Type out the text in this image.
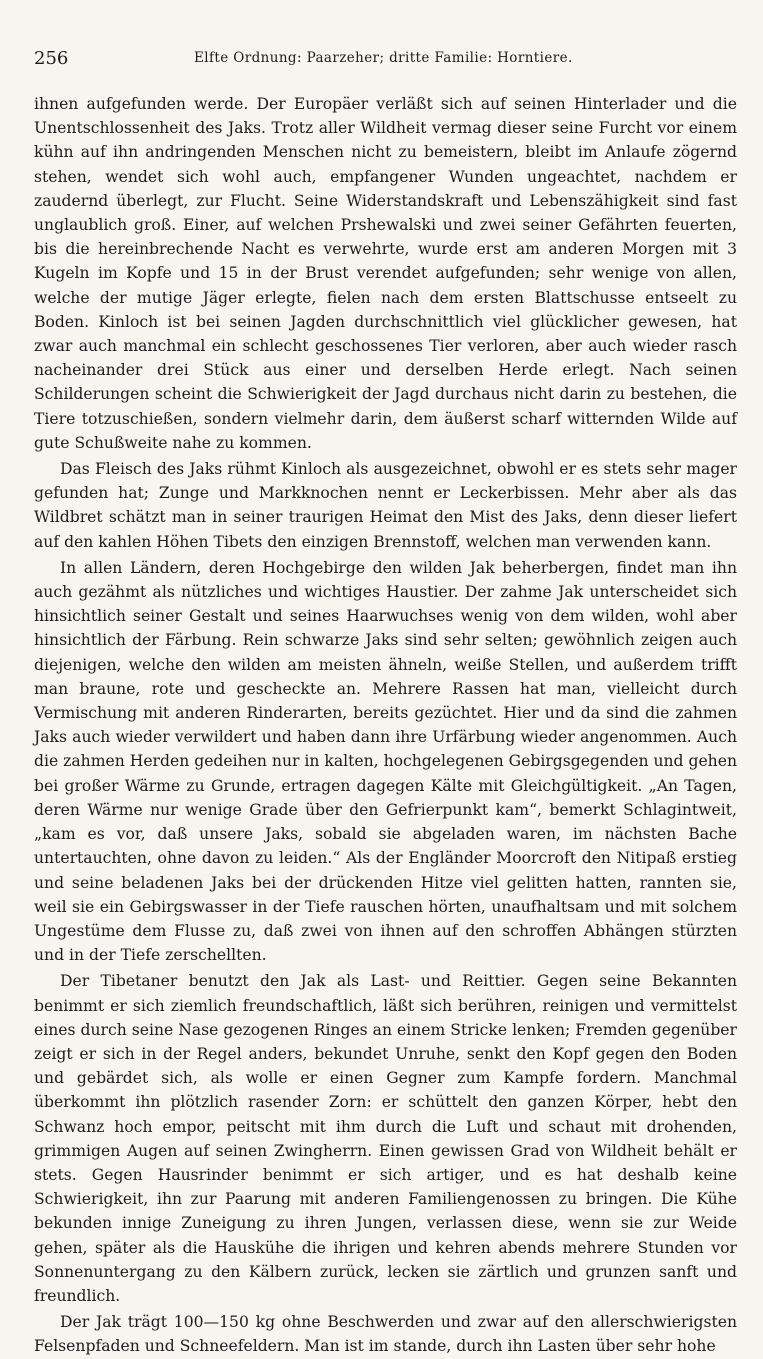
256	Elfte Ordnung: Paarzeher; dritte Familie: Horntiere.

ihnen aufgefunden werde. Der Europäer verläßt sich auf seinen Hinterlader und die Unentschlossenheit des Jaks. Trotz aller Wildheit vermag dieser seine Furcht vor einem kühn auf ihn andringenden Menschen nicht zu bemeistern, bleibt im Anlaufe zögernd stehen, wendet sich wohl auch, empfangener Wunden ungeachtet, nachdem er zaudernd überlegt, zur Flucht. Seine Widerstandskraft und Lebenszähigkeit sind fast unglaublich groß. Einer, auf welchen Prshewalski und zwei seiner Gefährten feuerten, bis die hereinbrechende Nacht es verwehrte, wurde erst am anderen Morgen mit 3 Kugeln im Kopfe und 15 in der Brust verendet aufgefunden; sehr wenige von allen, welche der mutige Jäger erlegte, fielen nach dem ersten Blattschusse entseelt zu Boden. Kinloch ist bei seinen Jagden durchschnittlich viel glücklicher gewesen, hat zwar auch manchmal ein schlecht geschossenes Tier verloren, aber auch wieder rasch nacheinander drei Stück aus einer und derselben Herde erlegt. Nach seinen Schilderungen scheint die Schwierigkeit der Jagd durchaus nicht darin zu bestehen, die Tiere totzuschießen, sondern vielmehr darin, dem äußerst scharf witternden Wilde auf gute Schußweite nahe zu kommen.

Das Fleisch des Jaks rühmt Kinloch als ausgezeichnet, obwohl er es stets sehr mager gefunden hat; Zunge und Markknochen nennt er Leckerbissen. Mehr aber als das Wildbret schätzt man in seiner traurigen Heimat den Mist des Jaks, denn dieser liefert auf den kahlen Höhen Tibets den einzigen Brennstoff, welchen man verwenden kann.

In allen Ländern, deren Hochgebirge den wilden Jak beherbergen, findet man ihn auch gezähmt als nützliches und wichtiges Haustier. Der zahme Jak unterscheidet sich hinsichtlich seiner Gestalt und seines Haarwuchses wenig von dem wilden, wohl aber hinsichtlich der Färbung. Rein schwarze Jaks sind sehr selten; gewöhnlich zeigen auch diejenigen, welche den wilden am meisten ähneln, weiße Stellen, und außerdem trifft man braune, rote und gescheckte an. Mehrere Rassen hat man, vielleicht durch Vermischung mit anderen Rinderarten, bereits gezüchtet. Hier und da sind die zahmen Jaks auch wieder verwildert und haben dann ihre Urfärbung wieder angenommen. Auch die zahmen Herden gedeihen nur in kalten, hochgelegenen Gebirgsgegenden und gehen bei großer Wärme zu Grunde, ertragen dagegen Kälte mit Gleichgültigkeit. „An Tagen, deren Wärme nur wenige Grade über den Gefrierpunkt kam“, bemerkt Schlagintweit, „kam es vor, daß unsere Jaks, sobald sie abgeladen waren, im nächsten Bache untertauchten, ohne davon zu leiden.“ Als der Engländer Moorcroft den Nitipaß erstieg und seine beladenen Jaks bei der drückenden Hitze viel gelitten hatten, rannten sie, weil sie ein Gebirgswasser in der Tiefe rauschen hörten, unaufhaltsam und mit solchem Ungestüme dem Flusse zu, daß zwei von ihnen auf den schroffen Abhängen stürzten und in der Tiefe zerschellten.

Der Tibetaner benutzt den Jak als Last- und Reittier. Gegen seine Bekannten benimmt er sich ziemlich freundschaftlich, läßt sich berühren, reinigen und vermittelst eines durch seine Nase gezogenen Ringes an einem Stricke lenken; Fremden gegenüber zeigt er sich in der Regel anders, bekundet Unruhe, senkt den Kopf gegen den Boden und gebärdet sich, als wolle er einen Gegner zum Kampfe fordern. Manchmal überkommt ihn plötzlich rasender Zorn: er schüttelt den ganzen Körper, hebt den Schwanz hoch empor, peitscht mit ihm durch die Luft und schaut mit drohenden, grimmigen Augen auf seinen Zwingherrn. Einen gewissen Grad von Wildheit behält er stets. Gegen Hausrinder benimmt er sich artiger, und es hat deshalb keine Schwierigkeit, ihn zur Paarung mit anderen Familiengenossen zu bringen. Die Kühe bekunden innige Zuneigung zu ihren Jungen, verlassen diese, wenn sie zur Weide gehen, später als die Hauskühe die ihrigen und kehren abends mehrere Stunden vor Sonnenuntergang zu den Kälbern zurück, lecken sie zärtlich und grunzen sanft und freundlich.

Der Jak trägt 100—150 kg ohne Beschwerden und zwar auf den allerschwierigsten Felsenpfaden und Schneefeldern. Man ist im stande, durch ihn Lasten über sehr hohe
